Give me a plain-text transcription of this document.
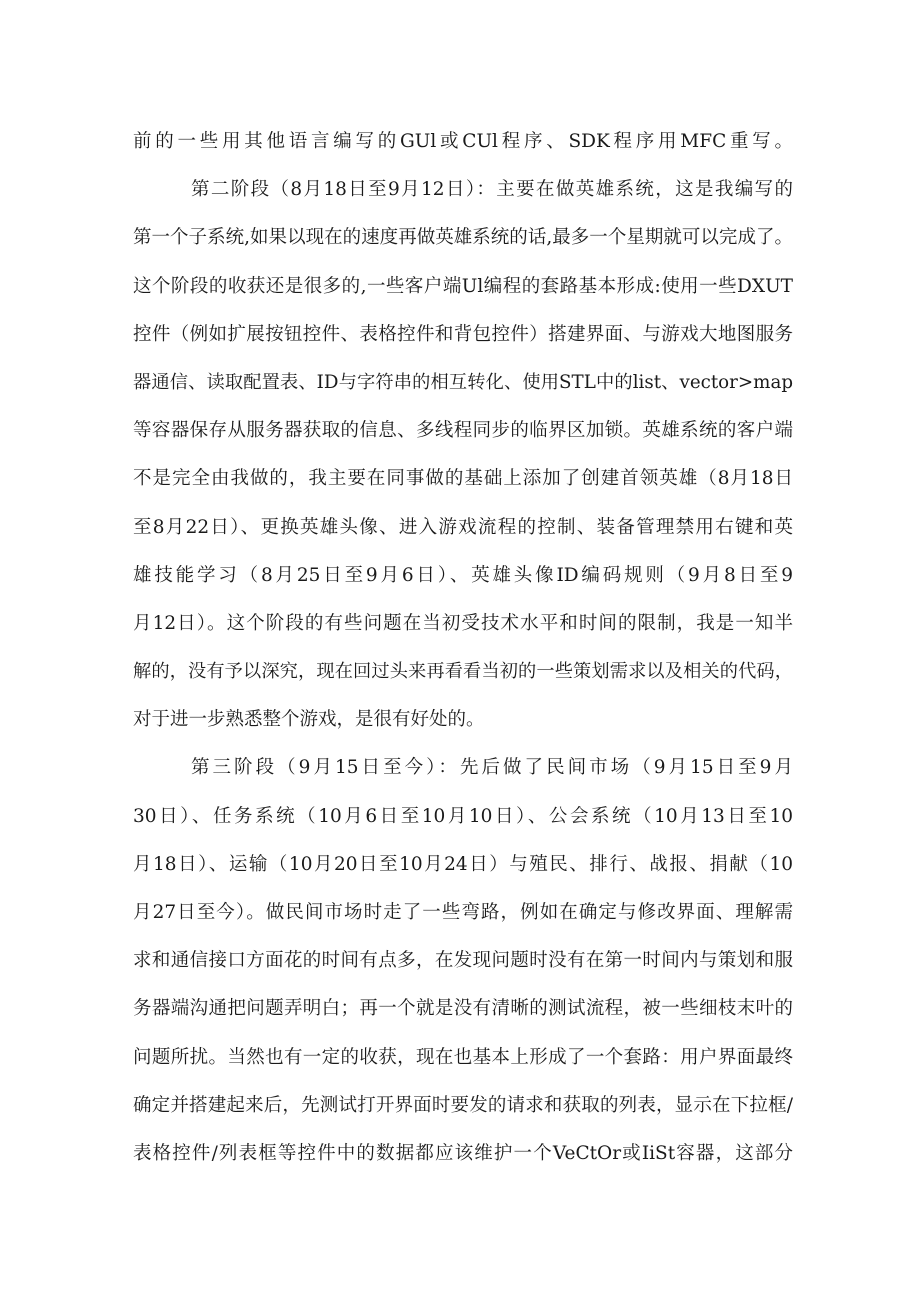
前的一些用其他语言编写的GUl或CUl程序、SDK程序用MFC重写。
第二阶段（8月18日至9月12日）：主要在做英雄系统，这是我编写的
第一个子系统,如果以现在的速度再做英雄系统的话,最多一个星期就可以完成了。
这个阶段的收获还是很多的,一些客户端Ul编程的套路基本形成:使用一些DXUT
控件（例如扩展按钮控件、表格控件和背包控件）搭建界面、与游戏大地图服务
器通信、读取配置表、ID与字符串的相互转化、使用STL中的list、vector>map
等容器保存从服务器获取的信息、多线程同步的临界区加锁。英雄系统的客户端
不是完全由我做的，我主要在同事做的基础上添加了创建首领英雄（8月18日
至8月22日）、更换英雄头像、进入游戏流程的控制、装备管理禁用右键和英
雄技能学习（8月25日至9月6日）、英雄头像ID编码规则（9月8日至9
月12日）。这个阶段的有些问题在当初受技术水平和时间的限制，我是一知半
解的，没有予以深究，现在回过头来再看看当初的一些策划需求以及相关的代码，
对于进一步熟悉整个游戏，是很有好处的。
第三阶段（9月15日至今）：先后做了民间市场（9月15日至9月
30日）、任务系统（10月6日至10月10日）、公会系统（10月13日至10
月18日）、运输（10月20日至10月24日）与殖民、排行、战报、捐献（10
月27日至今）。做民间市场时走了一些弯路，例如在确定与修改界面、理解需
求和通信接口方面花的时间有点多，在发现问题时没有在第一时间内与策划和服
务器端沟通把问题弄明白；再一个就是没有清晰的测试流程，被一些细枝末叶的
问题所扰。当然也有一定的收获，现在也基本上形成了一个套路：用户界面最终
确定并搭建起来后，先测试打开界面时要发的请求和获取的列表，显示在下拉框/
表格控件/列表框等控件中的数据都应该维护一个VeCtOr或IiSt容器，这部分
